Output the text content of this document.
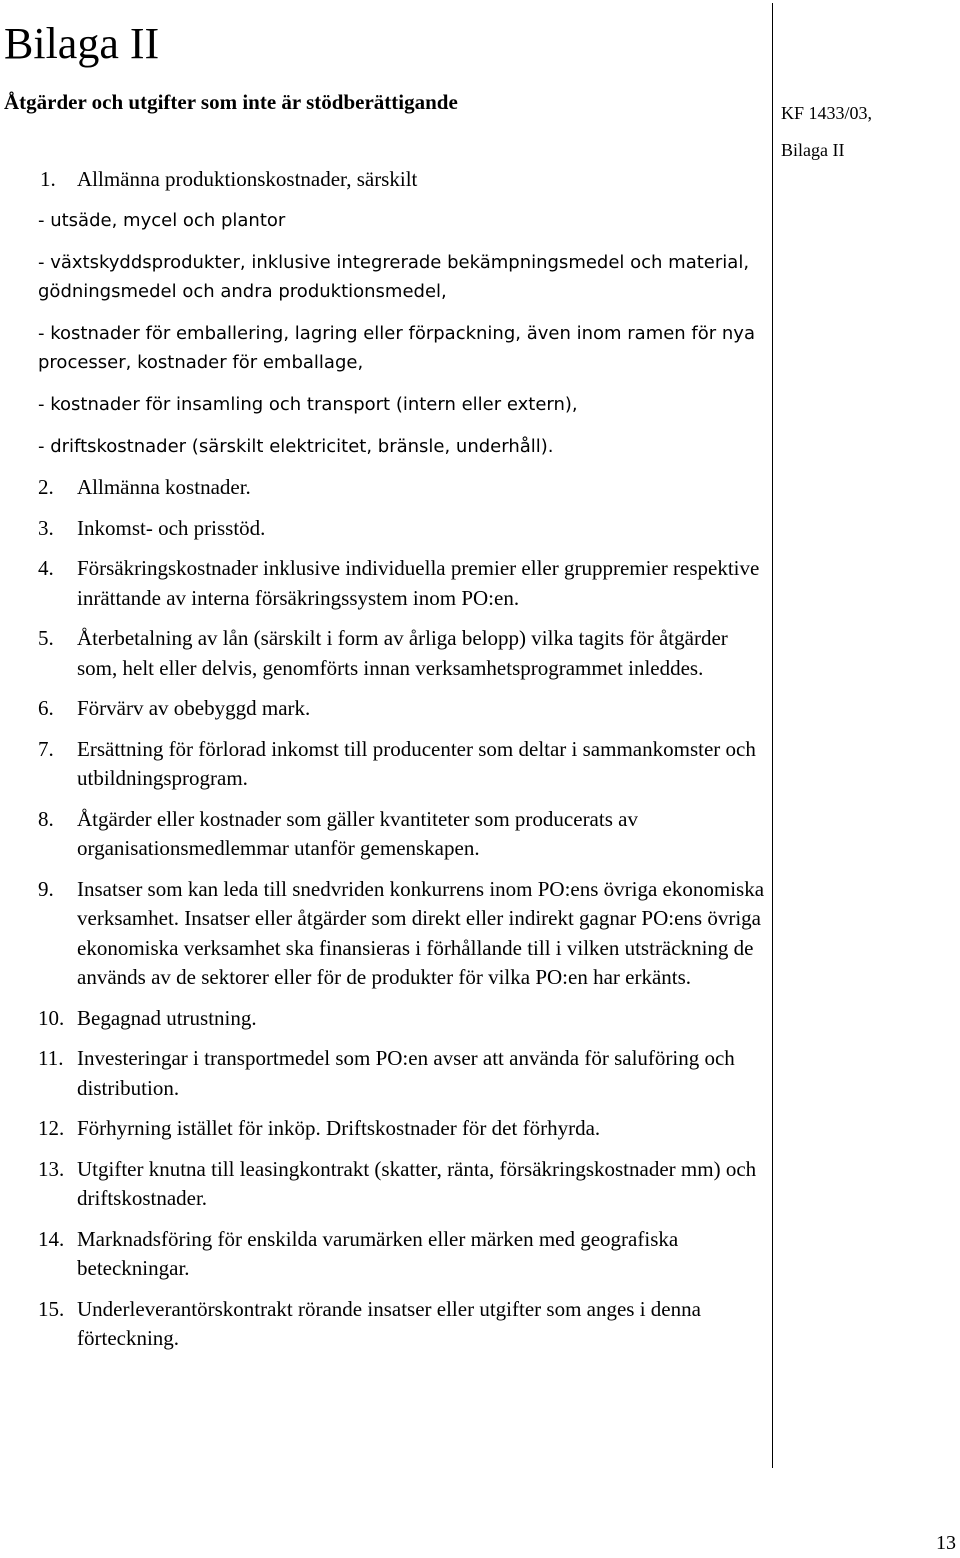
Bilaga II
Åtgärder och utgifter som inte är stödberättigande	KF 1433/03,
Bilaga II
1. Allmänna produktionskostnader, särskilt

- utsäde, mycel och plantor

- växtskyddsprodukter, inklusive integrerade bekämpningsmedel och material, gödningsmedel och andra produktionsmedel,

- kostnader för emballering, lagring eller förpackning, även inom ramen för nya processer, kostnader för emballage,

- kostnader för insamling och transport (intern eller extern),

- driftskostnader (särskilt elektricitet, bränsle, underhåll).

2.	Allmänna kostnader.
3.	Inkomst- och prisstöd.
4.	Försäkringskostnader inklusive individuella premier eller gruppremier respektive inrättande av interna försäkringssystem inom PO:en.
5.	Återbetalning av lån (särskilt i form av årliga belopp) vilka tagits för åtgärder som, helt eller delvis, genomförts innan verksamhetsprogrammet inleddes.
6.	Förvärv av obebyggd mark.
7.	Ersättning för förlorad inkomst till producenter som deltar i sammankomster och utbildningsprogram.
8.	Åtgärder eller kostnader som gäller kvantiteter som producerats av organisationsmedlemmar utanför gemenskapen.
9.	Insatser som kan leda till snedvriden konkurrens inom PO:ens övriga ekonomiska verksamhet. Insatser eller åtgärder som direkt eller indirekt gagnar PO:ens övriga ekonomiska verksamhet ska finansieras i förhållande till i vilken utsträckning de används av de sektorer eller för de produkter för vilka PO:en har erkänts.
10. Begagnad utrustning.
11. Investeringar i transportmedel som PO:en avser att använda för saluföring och distribution.
12. Förhyrning istället för inköp. Driftskostnader för det förhyrda.
13. Utgifter knutna till leasingkontrakt (skatter, ränta, försäkringskostnader mm) och driftskostnader.
14. Marknadsföring för enskilda varumärken eller märken med geografiska beteckningar.
15. Underleverantörskontrakt rörande insatser eller utgifter som anges i denna förteckning.
13
